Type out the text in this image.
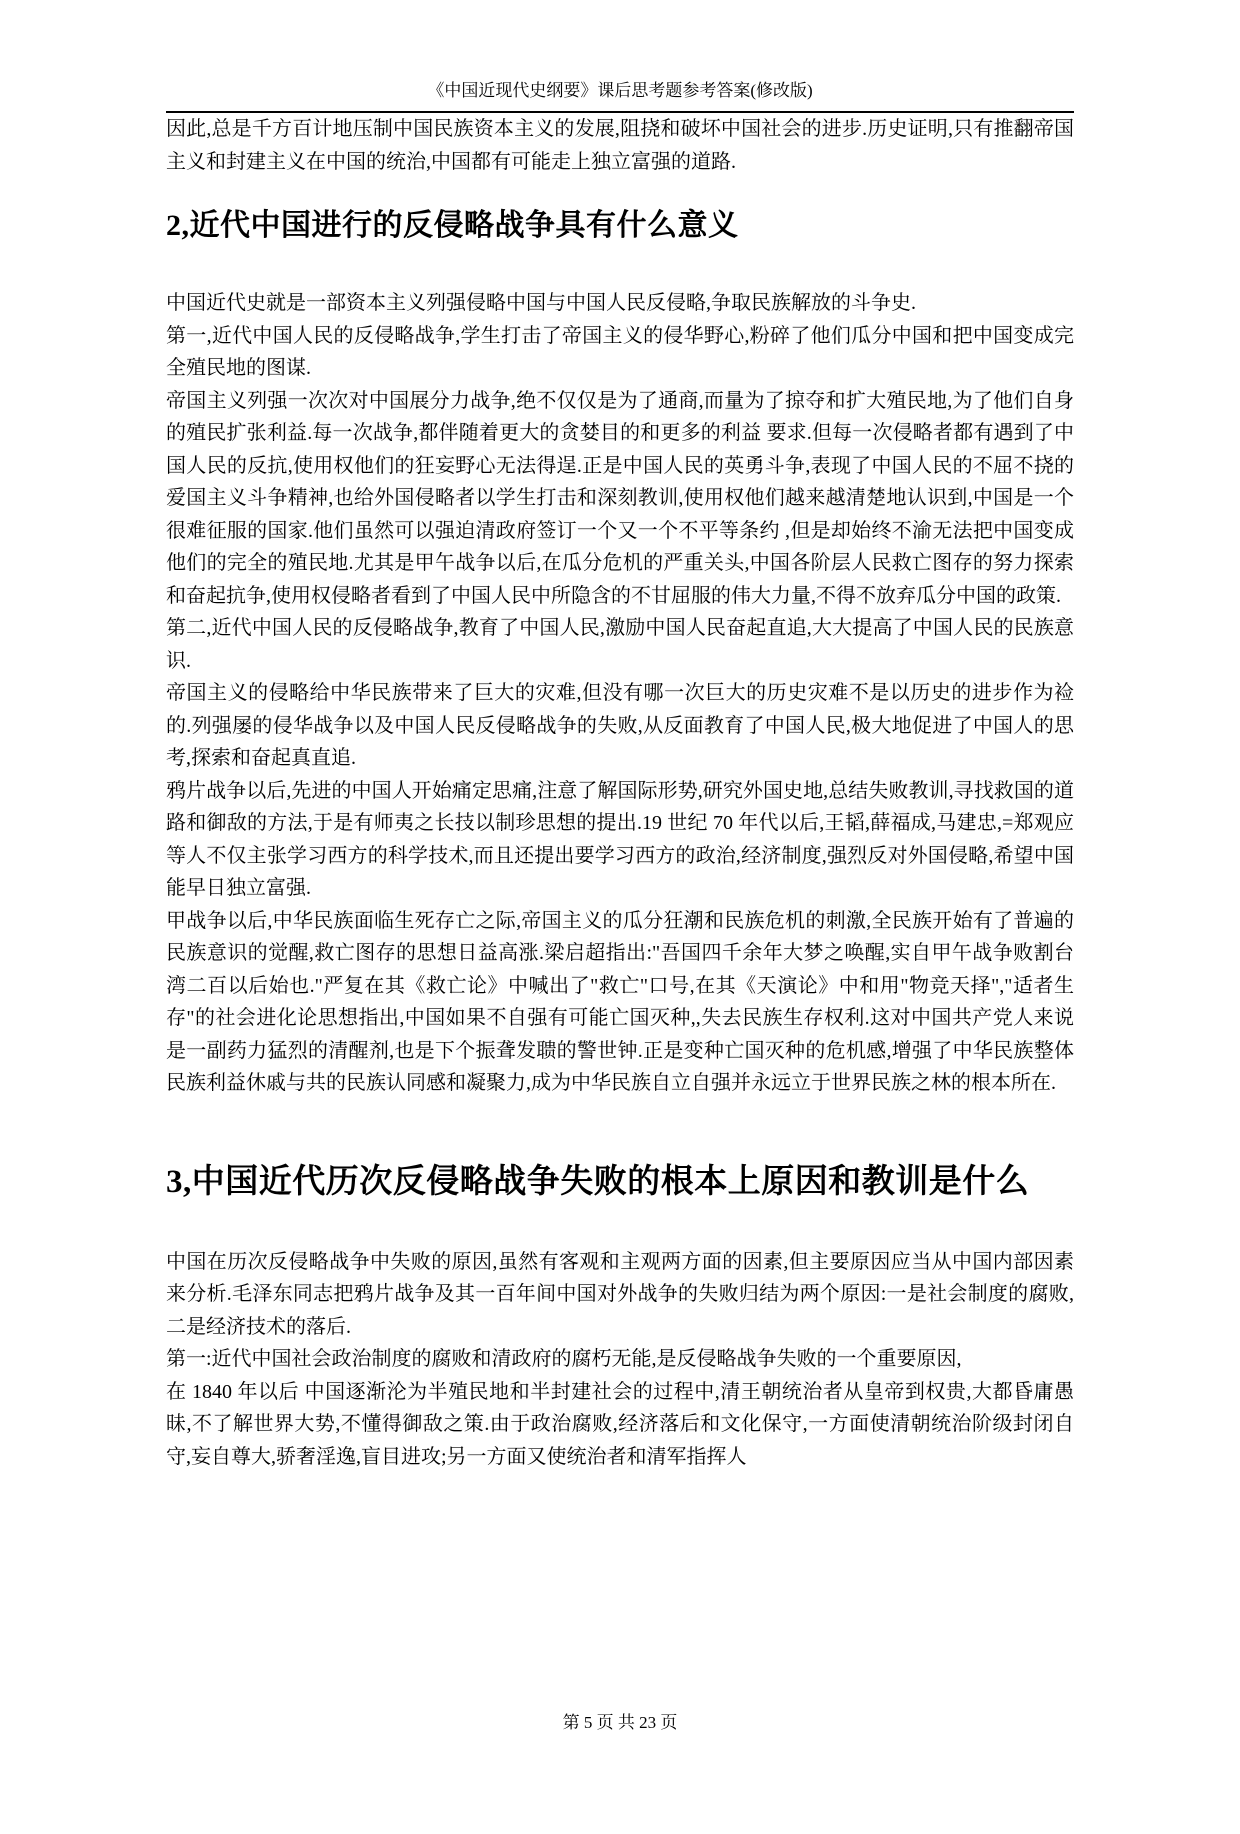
《中国近现代史纲要》课后思考题参考答案(修改版)

因此,总是千方百计地压制中国民族资本主义的发展,阻挠和破坏中国社会的进步.历史证明,只有推翻帝国主义和封建主义在中国的统治,中国都有可能走上独立富强的道路.

2,近代中国进行的反侵略战争具有什么意义

中国近代史就是一部资本主义列强侵略中国与中国人民反侵略,争取民族解放的斗争史.

第一,近代中国人民的反侵略战争,学生打击了帝国主义的侵华野心,粉碎了他们瓜分中国和把中国变成完全殖民地的图谋.

帝国主义列强一次次对中国展分力战争,绝不仅仅是为了通商,而量为了掠夺和扩大殖民地,为了他们自身的殖民扩张利益.每一次战争,都伴随着更大的贪婪目的和更多的利益 要求.但每一次侵略者都有遇到了中国人民的反抗,使用权他们的狂妄野心无法得逞.正是中国人民的英勇斗争,表现了中国人民的不屈不挠的爱国主义斗争精神,也给外国侵略者以学生打击和深刻教训,使用权他们越来越清楚地认识到,中国是一个很难征服的国家.他们虽然可以强迫清政府签订一个又一个不平等条约 ,但是却始终不渝无法把中国变成他们的完全的殖民地.尤其是甲午战争以后,在瓜分危机的严重关头,中国各阶层人民救亡图存的努力探索和奋起抗争,使用权侵略者看到了中国人民中所隐含的不甘屈服的伟大力量,不得不放弃瓜分中国的政策.

第二,近代中国人民的反侵略战争,教育了中国人民,激励中国人民奋起直追,大大提高了中国人民的民族意识.

帝国主义的侵略给中华民族带来了巨大的灾难,但没有哪一次巨大的历史灾难不是以历史的进步作为裣的.列强屡的侵华战争以及中国人民反侵略战争的失败,从反面教育了中国人民,极大地促进了中国人的思考,探索和奋起真直追.

鸦片战争以后,先进的中国人开始痛定思痛,注意了解国际形势,研究外国史地,总结失败教训,寻找救国的道路和御敌的方法,于是有师夷之长技以制珍思想的提出.19 世纪 70 年代以后,王韬,薛福成,马建忠,=郑观应等人不仅主张学习西方的科学技术,而且还提出要学习西方的政治,经济制度,强烈反对外国侵略,希望中国能早日独立富强.

甲战争以后,中华民族面临生死存亡之际,帝国主义的瓜分狂潮和民族危机的刺激,全民族开始有了普遍的民族意识的觉醒,救亡图存的思想日益高涨.梁启超指出:"吾国四千余年大梦之唤醒,实自甲午战争败割台湾二百以后始也."严复在其《救亡论》中喊出了"救亡"口号,在其《天演论》中和用"物竞天择","适者生存"的社会进化论思想指出,中国如果不自强有可能亡国灭种,,失去民族生存权利.这对中国共产党人来说是一副药力猛烈的清醒剂,也是下个振聋发聩的警世钟.正是变种亡国灭种的危机感,增强了中华民族整体民族利益休戚与共的民族认同感和凝聚力,成为中华民族自立自强并永远立于世界民族之林的根本所在.

3,中国近代历次反侵略战争失败的根本上原因和教训是什么

中国在历次反侵略战争中失败的原因,虽然有客观和主观两方面的因素,但主要原因应当从中国内部因素来分析.毛泽东同志把鸦片战争及其一百年间中国对外战争的失败归结为两个原因:一是社会制度的腐败,二是经济技术的落后.

第一:近代中国社会政治制度的腐败和清政府的腐朽无能,是反侵略战争失败的一个重要原因,

在 1840 年以后 中国逐渐沦为半殖民地和半封建社会的过程中,清王朝统治者从皇帝到权贵,大都昏庸愚昧,不了解世界大势,不懂得御敌之策.由于政治腐败,经济落后和文化保守,一方面使清朝统治阶级封闭自守,妄自尊大,骄奢淫逸,盲目进攻;另一方面又使统治者和清军指挥人

第 5 页 共 23 页
